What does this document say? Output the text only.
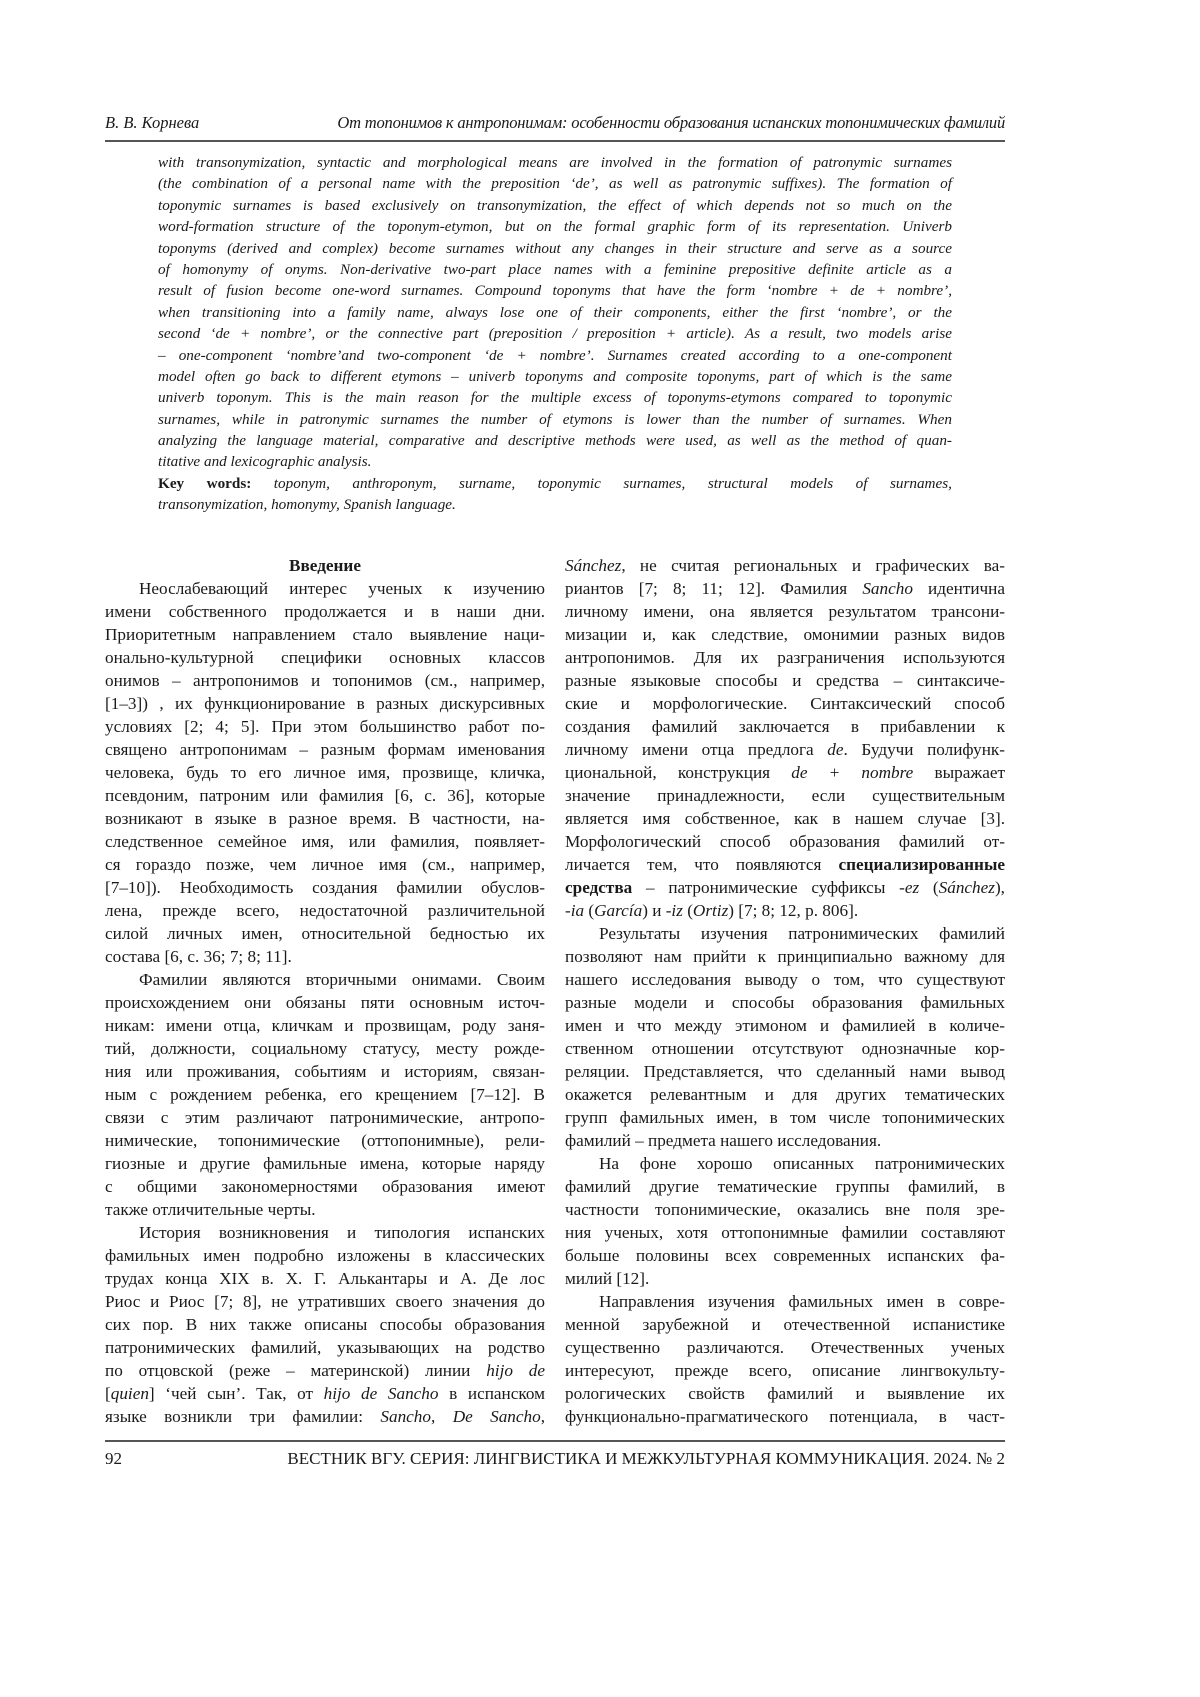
В. В. Корнева	От топонимов к антропонимам: особенности образования испанских топонимических фамилий
with transonymization, syntactic and morphological means are involved in the formation of patronymic surnames
(the combination of a personal name with the preposition ‘de’, as well as patronymic suffixes). The formation of
toponymic surnames is based exclusively on transonymization, the effect of which depends not so much on the
word-formation structure of the toponym-etymon, but on the formal graphic form of its representation. Univerb
toponyms (derived and complex) become surnames without any changes in their structure and serve as a source
of homonymy of onyms. Non-derivative two-part place names with a feminine prepositive definite article as a
result of fusion become one-word surnames. Compound toponyms that have the form ‘nombre + de + nombre’,
when transitioning into a family name, always lose one of their components, either the first ‘nombre’, or the
second ‘de + nombre’, or the connective part (preposition / preposition + article). As a result, two models arise
– one-component ‘nombre’and two-component ‘de + nombre’. Surnames created according to a one-component
model often go back to different etymons – univerb toponyms and composite toponyms, part of which is the same
univerb toponym. This is the main reason for the multiple excess of toponyms-etymons compared to toponymic
surnames, while in patronymic surnames the number of etymons is lower than the number of surnames. When
analyzing the language material, comparative and descriptive methods were used, as well as the method of quan-
titative and lexicographic analysis.
Key words: toponym, anthroponym, surname, toponymic surnames, structural models of surnames,
transonymization, homonymy, Spanish language.
Введение
Неослабевающий интерес ученых к изучению
имени собственного продолжается и в наши дни.
Приоритетным направлением стало выявление наци-
онально-культурной специфики основных классов
онимов – антропонимов и топонимов (см., например,
[1–3]) , их функционирование в разных дискурсивных
условиях [2; 4; 5]. При этом большинство работ по-
священо антропонимам – разным формам именования
человека, будь то его личное имя, прозвище, кличка,
псевдоним, патроним или фамилия [6, с. 36], которые
возникают в языке в разное время. В частности, на-
следственное семейное имя, или фамилия, появляет-
ся гораздо позже, чем личное имя (см., например,
[7–10]). Необходимость создания фамилии обуслов-
лена, прежде всего, недостаточной различительной
силой личных имен, относительной бедностью их
состава [6, с. 36; 7; 8; 11].
Фамилии являются вторичными онимами. Своим
происхождением они обязаны пяти основным источ-
никам: имени отца, кличкам и прозвищам, роду заня-
тий, должности, социальному статусу, месту рожде-
ния или проживания, событиям и историям, связан-
ным с рождением ребенка, его крещением [7–12]. В
связи с этим различают патронимические, антропо-
нимические, топонимические (оттопонимные), рели-
гиозные и другие фамильные имена, которые наряду
с общими закономерностями образования имеют
также отличительные черты.
История возникновения и типология испанских
фамильных имен подробно изложены в классических
трудах конца XIX в. Х. Г. Алькантары и А. Де лос
Риос и Риос [7; 8], не утративших своего значения до
сих пор. В них также описаны способы образования
патронимических фамилий, указывающих на родство
по отцовской (реже – материнской) линии hijo de
[quien] ‘чей сын’. Так, от hijo de Sancho в испанском
языке возникли три фамилии: Sancho, De Sancho,
Sánchez, не считая региональных и графических ва-
риантов [7; 8; 11; 12]. Фамилия Sancho идентична
личному имени, она является результатом трансони-
мизации и, как следствие, омонимии разных видов
антропонимов. Для их разграничения используются
разные языковые способы и средства – синтаксиче-
ские и морфологические. Синтаксический способ
создания фамилий заключается в прибавлении к
личному имени отца предлога de. Будучи полифунк-
циональной, конструкция de + nombre выражает
значение принадлежности, если существительным
является имя собственное, как в нашем случае [3].
Морфологический способ образования фамилий от-
личается тем, что появляются специализированные
средства – патронимические суффиксы -ez (Sánchez),
-ia (García) и -iz (Ortiz) [7; 8; 12, p. 806].
Результаты изучения патронимических фамилий
позволяют нам прийти к принципиально важному для
нашего исследования выводу о том, что существуют
разные модели и способы образования фамильных
имен и что между этимоном и фамилией в количе-
ственном отношении отсутствуют однозначные кор-
реляции. Представляется, что сделанный нами вывод
окажется релевантным и для других тематических
групп фамильных имен, в том числе топонимических
фамилий – предмета нашего исследования.
На фоне хорошо описанных патронимических
фамилий другие тематические группы фамилий, в
частности топонимические, оказались вне поля зре-
ния ученых, хотя оттопонимные фамилии составляют
больше половины всех современных испанских фа-
милий [12].
Направления изучения фамильных имен в совре-
менной зарубежной и отечественной испанистике
существенно различаются. Отечественных ученых
интересуют, прежде всего, описание лингвокульту-
рологических свойств фамилий и выявление их
функционально-прагматического потенциала, в част-
92	ВЕСТНИК ВГУ. СЕРИЯ: ЛИНГВИСТИКА И МЕЖКУЛЬТУРНАЯ КОММУНИКАЦИЯ. 2024. № 2
